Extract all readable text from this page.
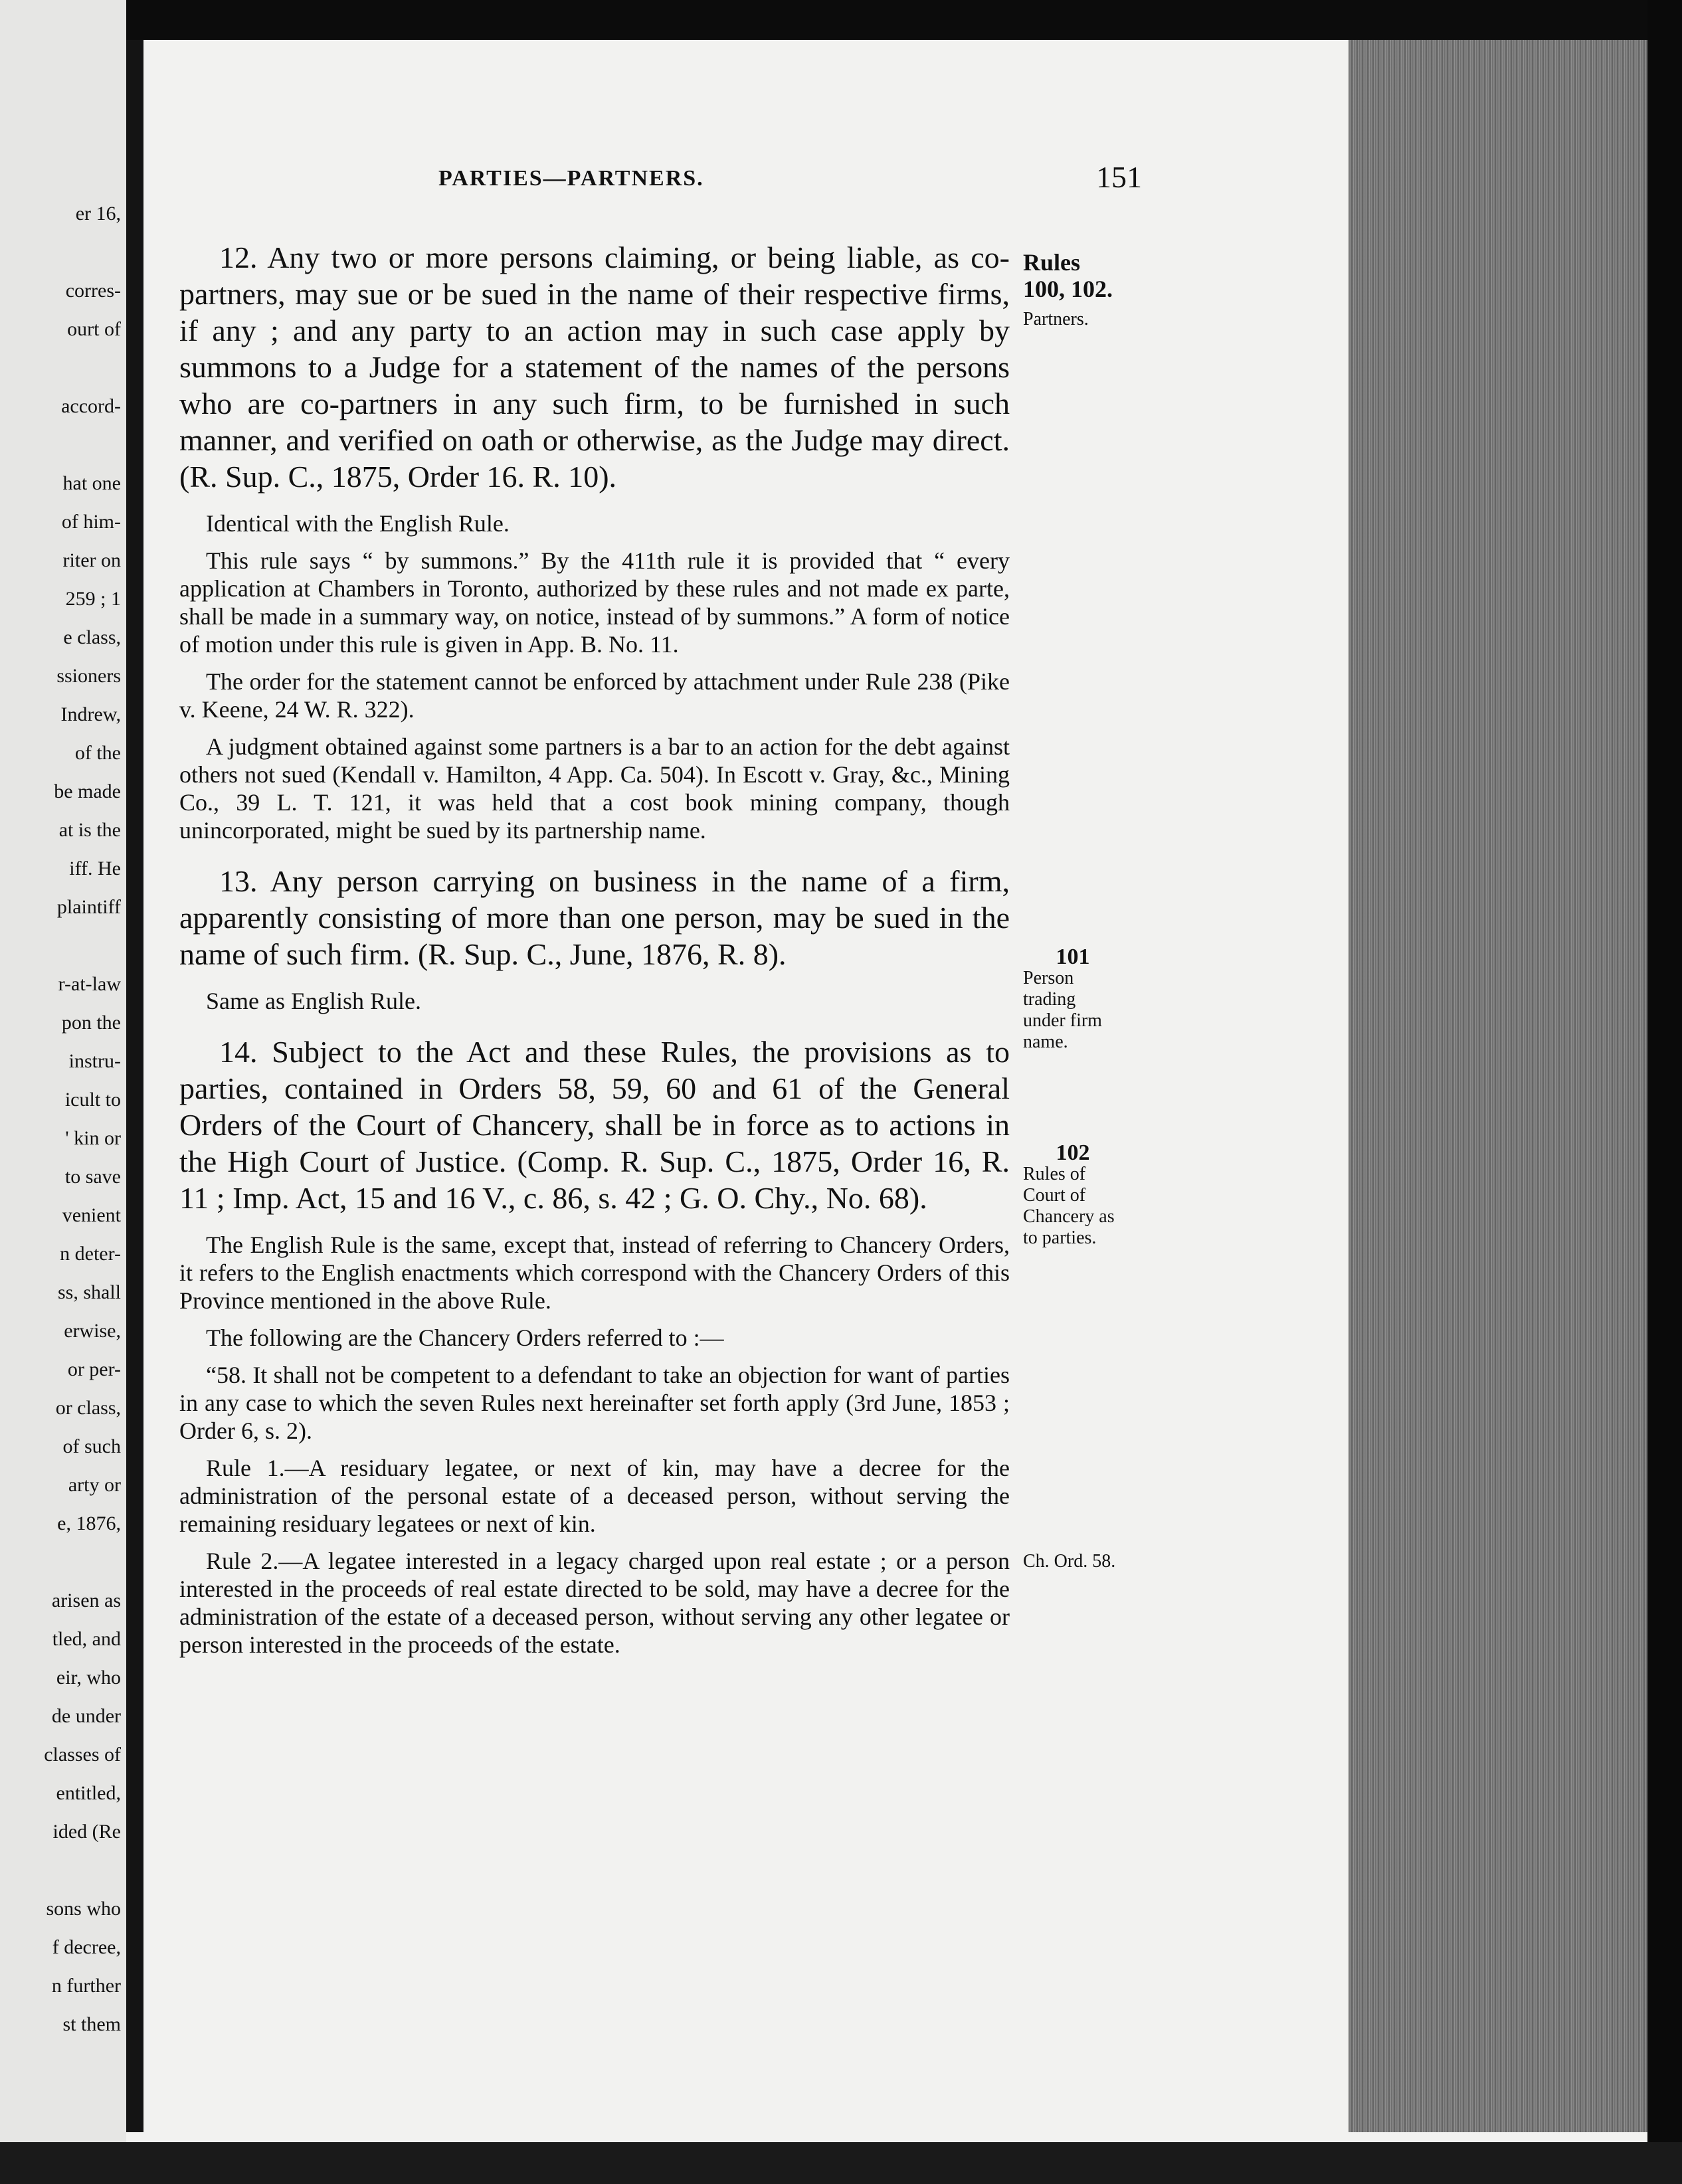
er 16,
corres-
ourt of
accord-
hat one
of him-
riter on
259 ; 1
e class,
ssioners
Indrew,
of the
be made
at is the
iff. He
plaintiff
r-at-law
pon the
instru-
icult to
' kin or
to save
venient
n deter-
ss, shall
erwise,
or per-
or class,
of such
arty or
e, 1876,
arisen as
tled, and
eir, who
de under
classes of
entitled,
ided (Re
sons who
f decree,
n further
st them
PARTIES—PARTNERS.	151

12. Any two or more persons claiming, or being liable, as co-partners, may sue or be sued in the name of their respective firms, if any ; and any party to an action may in such case apply by summons to a Judge for a statement of the names of the persons who are co-partners in any such firm, to be furnished in such manner, and verified on oath or otherwise, as the Judge may direct. (R. Sup. C., 1875, Order 16. R. 10).

Identical with the English Rule.

This rule says “ by summons.” By the 411th rule it is provided that “ every application at Chambers in Toronto, authorized by these rules and not made ex parte, shall be made in a summary way, on notice, instead of by summons.” A form of notice of motion under this rule is given in App. B. No. 11.

The order for the statement cannot be enforced by attachment under Rule 238 (Pike v. Keene, 24 W. R. 322).

A judgment obtained against some partners is a bar to an action for the debt against others not sued (Kendall v. Hamilton, 4 App. Ca. 504). In Escott v. Gray, &c., Mining Co., 39 L. T. 121, it was held that a cost book mining company, though unincorporated, might be sued by its partnership name.

13. Any person carrying on business in the name of a firm, apparently consisting of more than one person, may be sued in the name of such firm. (R. Sup. C., June, 1876, R. 8).

Same as English Rule.

14. Subject to the Act and these Rules, the provisions as to parties, contained in Orders 58, 59, 60 and 61 of the General Orders of the Court of Chancery, shall be in force as to actions in the High Court of Justice. (Comp. R. Sup. C., 1875, Order 16, R. 11 ; Imp. Act, 15 and 16 V., c. 86, s. 42 ; G. O. Chy., No. 68).

The English Rule is the same, except that, instead of referring to Chancery Orders, it refers to the English enactments which correspond with the Chancery Orders of this Province mentioned in the above Rule.

The following are the Chancery Orders referred to :—

“58. It shall not be competent to a defendant to take an objection for want of parties in any case to which the seven Rules next hereinafter set forth apply (3rd June, 1853 ; Order 6, s. 2).

Rule 1.—A residuary legatee, or next of kin, may have a decree for the administration of the personal estate of a deceased person, without serving the remaining residuary legatees or next of kin.

Rule 2.—A legatee interested in a legacy charged upon real estate ; or a person interested in the proceeds of real estate directed to be sold, may have a decree for the administration of the estate of a deceased person, without serving any other legatee or person interested in the proceeds of the estate.

Rules
100, 102.
Partners.
101
Person
trading
under firm
name.
102
Rules of
Court of
Chancery as
to parties.
Ch. Ord. 58.
